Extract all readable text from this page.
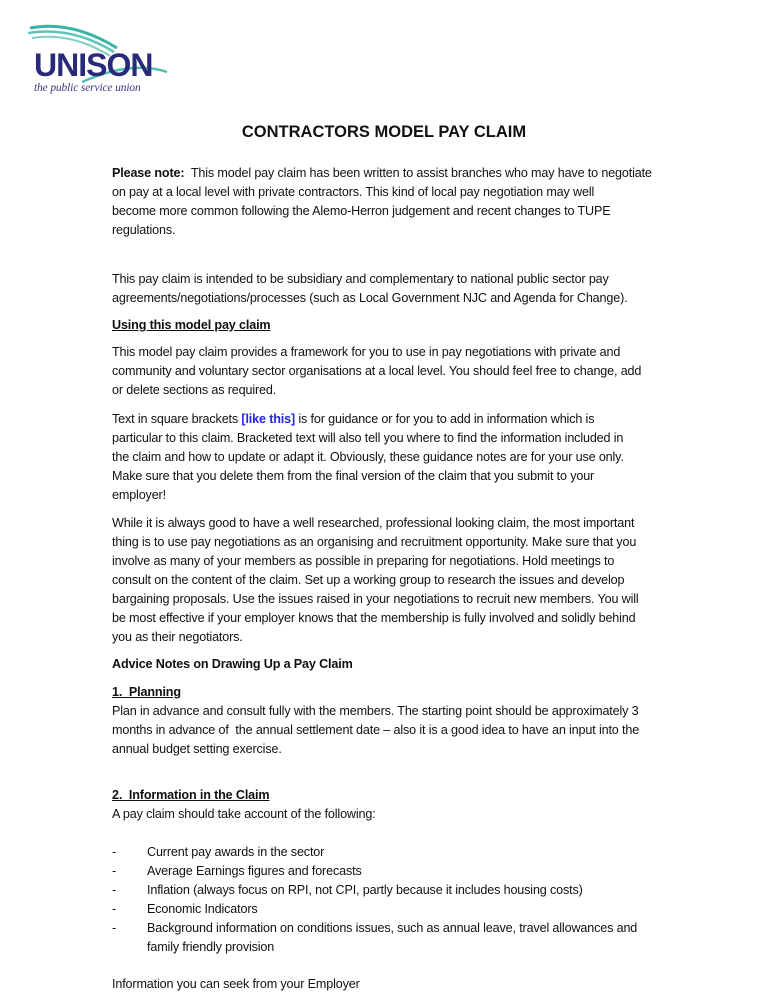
UNISON
the public service union
CONTRACTORS MODEL PAY CLAIM
Please note:  This model pay claim has been written to assist branches who may have to negotiate
on pay at a local level with private contractors. This kind of local pay negotiation may well
become more common following the Alemo-Herron judgement and recent changes to TUPE
regulations.
This pay claim is intended to be subsidiary and complementary to national public sector pay
agreements/negotiations/processes (such as Local Government NJC and Agenda for Change).
Using this model pay claim
This model pay claim provides a framework for you to use in pay negotiations with private and
community and voluntary sector organisations at a local level. You should feel free to change, add
or delete sections as required.
Text in square brackets [like this] is for guidance or for you to add in information which is
particular to this claim. Bracketed text will also tell you where to find the information included in
the claim and how to update or adapt it. Obviously, these guidance notes are for your use only.
Make sure that you delete them from the final version of the claim that you submit to your
employer!
While it is always good to have a well researched, professional looking claim, the most important
thing is to use pay negotiations as an organising and recruitment opportunity. Make sure that you
involve as many of your members as possible in preparing for negotiations. Hold meetings to
consult on the content of the claim. Set up a working group to research the issues and develop
bargaining proposals. Use the issues raised in your negotiations to recruit new members. You will
be most effective if your employer knows that the membership is fully involved and solidly behind
you as their negotiators.
Advice Notes on Drawing Up a Pay Claim
1.  Planning
Plan in advance and consult fully with the members. The starting point should be approximately 3
months in advance of  the annual settlement date – also it is a good idea to have an input into the
annual budget setting exercise.
2.  Information in the Claim
A pay claim should take account of the following:
- Current pay awards in the sector
- Average Earnings figures and forecasts
- Inflation (always focus on RPI, not CPI, partly because it includes housing costs)
- Economic Indicators
- Background information on conditions issues, such as annual leave, travel allowances and
family friendly provision
Information you can seek from your Employer
